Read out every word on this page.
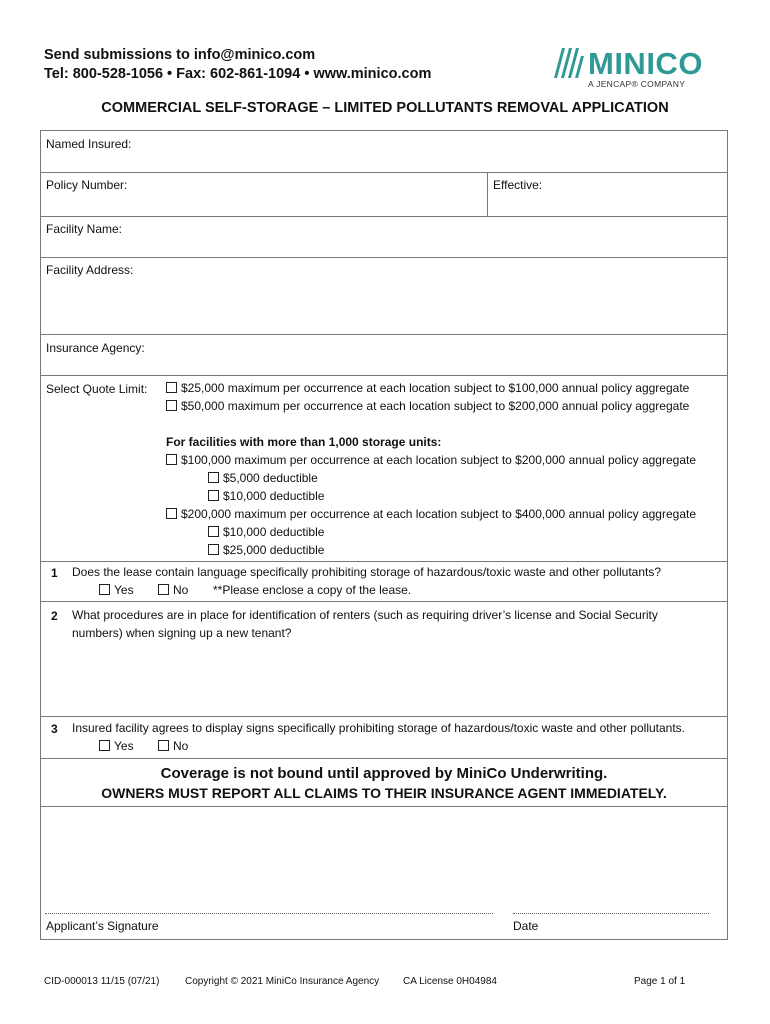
Send submissions to info@minico.com
Tel: 800-528-1056 • Fax: 602-861-1094 • www.minico.com	MINICO
A JENCAP® COMPANY
COMMERCIAL SELF-STORAGE – LIMITED POLLUTANTS REMOVAL APPLICATION
Named Insured:
Policy Number:	Effective:
Facility Name:
Facility Address:
Insurance Agency:
Select Quote Limit:	$25,000 maximum per occurrence at each location subject to $100,000 annual policy aggregate
$50,000 maximum per occurrence at each location subject to $200,000 annual policy aggregate
For facilities with more than 1,000 storage units:
$100,000 maximum per occurrence at each location subject to $200,000 annual policy aggregate
$5,000 deductible
$10,000 deductible
$200,000 maximum per occurrence at each location subject to $400,000 annual policy aggregate
$10,000 deductible
$25,000 deductible
1 Does the lease contain language specifically prohibiting storage of hazardous/toxic waste and other pollutants?
Yes	No **Please enclose a copy of the lease.
2 What procedures are in place for identification of renters (such as requiring driver’s license and Social Security
numbers) when signing up a new tenant?
3 Insured facility agrees to display signs specifically prohibiting storage of hazardous/toxic waste and other pollutants.
Yes	No
Coverage is not bound until approved by MiniCo Underwriting.
OWNERS MUST REPORT ALL CLAIMS TO THEIR INSURANCE AGENT IMMEDIATELY.
Applicant’s Signature	Date
CID-000013 11/15 (07/21)	Copyright © 2021 MiniCo Insurance Agency CA License 0H04984	Page 1 of 1
